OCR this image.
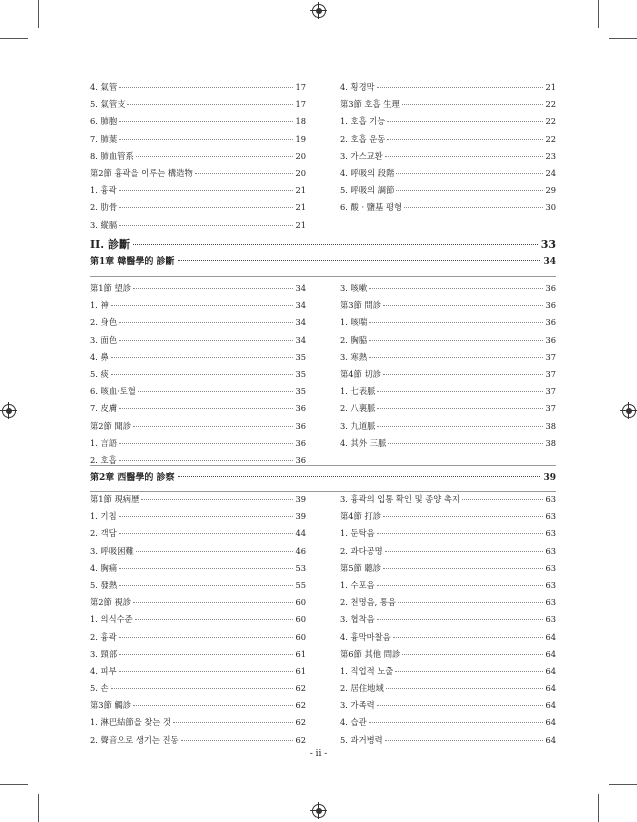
4. 氣管	17
5. 氣管支	17
6. 肺胞	18
7. 肺葉	19
8. 肺血管系	20
第2節 흉곽을 이루는 構造物	20
1. 흉곽	21
2. 肋骨	21
3. 縱膈	21
4. 횡경막	21
第3節 호흡 生理	22
1. 호흡 기능	22
2. 호흡 운동	22
3. 가스교환	23
4. 呼吸의 段階	24
5. 呼吸의 調節	29
6. 酸 · 鹽基 평형	30
II. 診斷	33
第1章 韓醫學的 診斷	34
第1節 望診	34
1. 神	34
2. 身色	34
3. 面色	34
4. 鼻	35
5. 痰	35
6. 咳血·토혈	35
7. 皮膚	36
第2節 聞診	36
1. 言語	36
2. 호흡	36
3. 咳嗽	36
第3節 問診	36
1. 咳喘	36
2. 胸脇	36
3. 寒熱	37
第4節 切診	37
1. 七表脈	37
2. 八裏脈	37
3. 九道脈	38
4. 其外 三脈	38
第2章 西醫學的 診察	39
第1節 現病歷	39
1. 기침	39
2. 객담	44
3. 呼吸困難	46
4. 胸痛	53
5. 發熱	55
第2節 視診	60
1. 의식수준	60
2. 흉곽	60
3. 頸部	61
4. 피부	61
5. 손	62
第3節 觸診	62
1. 淋巴結節을 찾는 것	62
2. 聲音으로 생기는 진동	62
3. 흉곽의 입통 확인 및 종양 촉지	63
第4節 打診	63
1. 둔탁음	63
2. 과다공명	63
第5節 聽診	63
1. 수포음	63
2. 천명음, 통음	63
3. 협착음	63
4. 흉막마찰음	64
第6節 其他 問診	64
1. 직업적 노출	64
2. 居住地域	64
3. 가족력	64
4. 습관	64
5. 과거병력	64
- ii -
